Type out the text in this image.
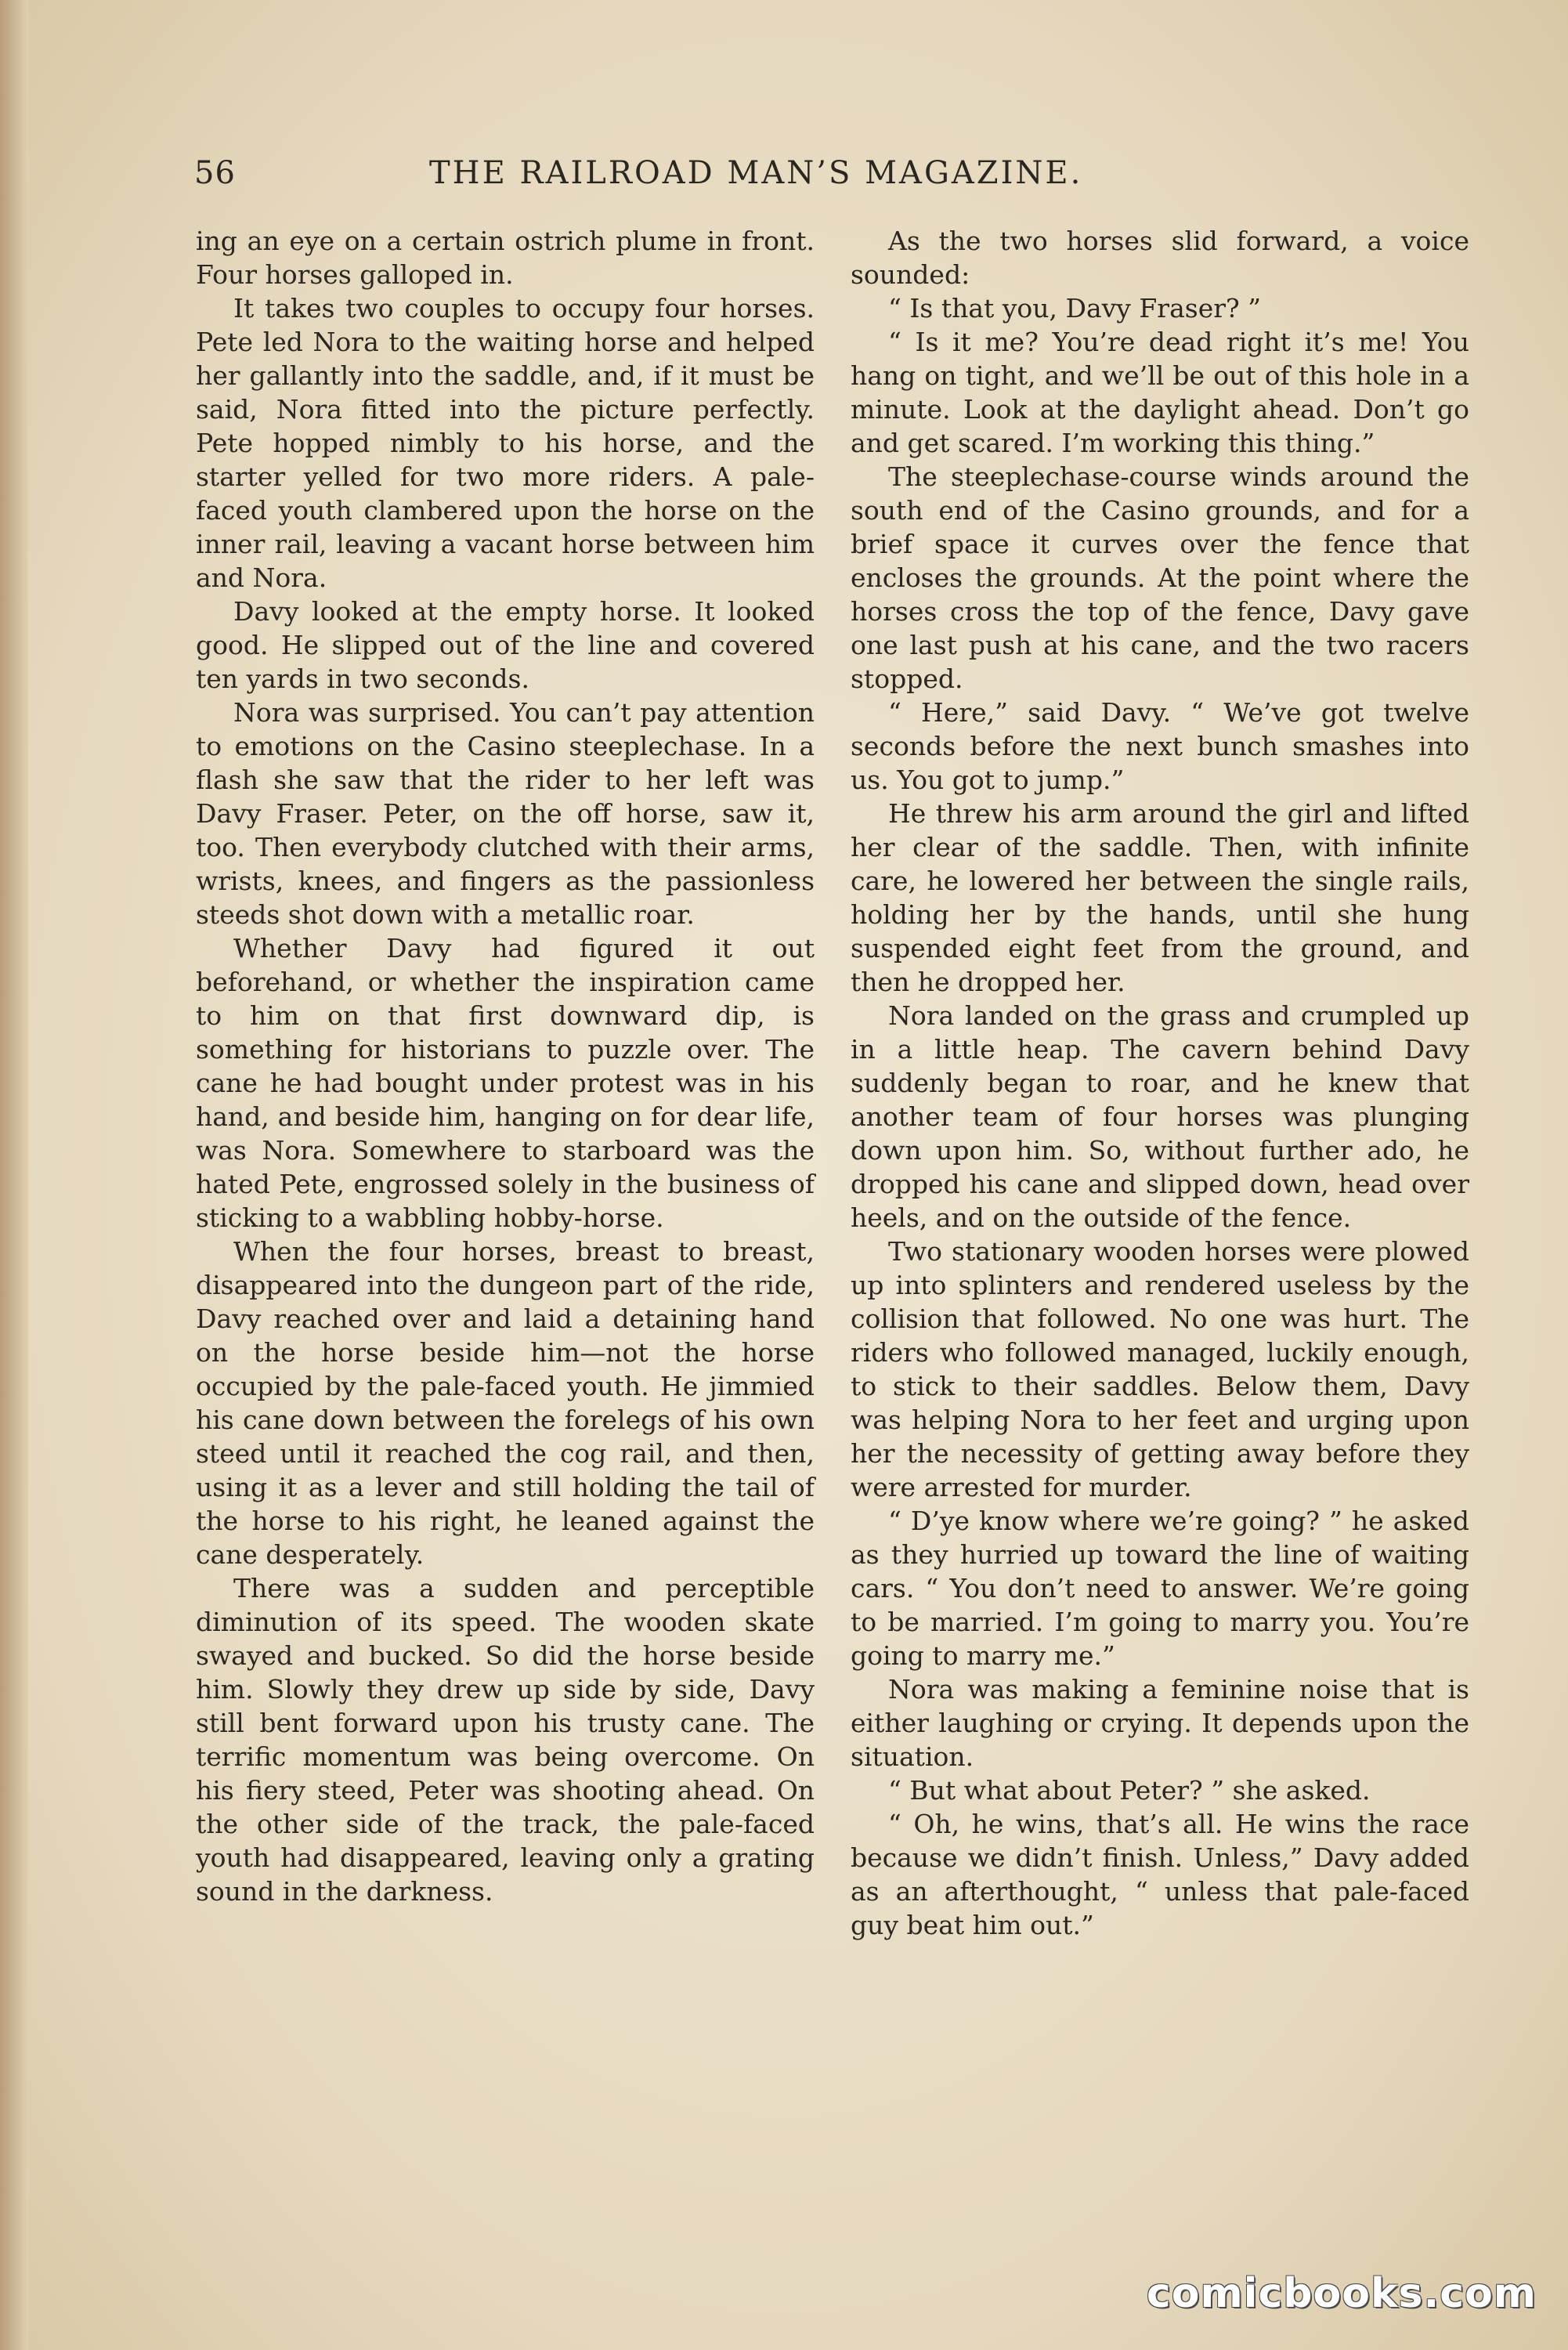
56	THE RAILROAD MAN’S MAGAZINE.

ing an eye on a certain ostrich plume in front. Four horses galloped in.

It takes two couples to occupy four horses. Pete led Nora to the waiting horse and helped her gallantly into the saddle, and, if it must be said, Nora fitted into the picture perfectly. Pete hopped nimbly to his horse, and the starter yelled for two more riders. A pale-faced youth clambered upon the horse on the inner rail, leaving a vacant horse between him and Nora.

Davy looked at the empty horse. It looked good. He slipped out of the line and covered ten yards in two seconds.

Nora was surprised. You can’t pay attention to emotions on the Casino steeplechase. In a flash she saw that the rider to her left was Davy Fraser. Peter, on the off horse, saw it, too. Then everybody clutched with their arms, wrists, knees, and fingers as the passionless steeds shot down with a metallic roar.

Whether Davy had figured it out beforehand, or whether the inspiration came to him on that first downward dip, is something for historians to puzzle over. The cane he had bought under protest was in his hand, and beside him, hanging on for dear life, was Nora. Somewhere to starboard was the hated Pete, engrossed solely in the business of sticking to a wabbling hobby-horse.

When the four horses, breast to breast, disappeared into the dungeon part of the ride, Davy reached over and laid a detaining hand on the horse beside him—not the horse occupied by the pale-faced youth. He jimmied his cane down between the forelegs of his own steed until it reached the cog rail, and then, using it as a lever and still holding the tail of the horse to his right, he leaned against the cane desperately.

There was a sudden and perceptible diminution of its speed. The wooden skate swayed and bucked. So did the horse beside him. Slowly they drew up side by side, Davy still bent forward upon his trusty cane. The terrific momentum was being overcome. On his fiery steed, Peter was shooting ahead. On the other side of the track, the pale-faced youth had disappeared, leaving only a grating sound in the darkness.

As the two horses slid forward, a voice sounded:

“ Is that you, Davy Fraser? ”

“ Is it me? You’re dead right it’s me! You hang on tight, and we’ll be out of this hole in a minute. Look at the daylight ahead. Don’t go and get scared. I’m working this thing.”

The steeplechase-course winds around the south end of the Casino grounds, and for a brief space it curves over the fence that encloses the grounds. At the point where the horses cross the top of the fence, Davy gave one last push at his cane, and the two racers stopped.

“ Here,” said Davy. “ We’ve got twelve seconds before the next bunch smashes into us. You got to jump.”

He threw his arm around the girl and lifted her clear of the saddle. Then, with infinite care, he lowered her between the single rails, holding her by the hands, until she hung suspended eight feet from the ground, and then he dropped her.

Nora landed on the grass and crumpled up in a little heap. The cavern behind Davy suddenly began to roar, and he knew that another team of four horses was plunging down upon him. So, without further ado, he dropped his cane and slipped down, head over heels, and on the outside of the fence.

Two stationary wooden horses were plowed up into splinters and rendered useless by the collision that followed. No one was hurt. The riders who followed managed, luckily enough, to stick to their saddles. Below them, Davy was helping Nora to her feet and urging upon her the necessity of getting away before they were arrested for murder.

“ D’ye know where we’re going? ” he asked as they hurried up toward the line of waiting cars. “ You don’t need to answer. We’re going to be married. I’m going to marry you. You’re going to marry me.”

Nora was making a feminine noise that is either laughing or crying. It depends upon the situation.

“ But what about Peter? ” she asked.

“ Oh, he wins, that’s all. He wins the race because we didn’t finish. Unless,” Davy added as an afterthought, “ unless that pale-faced guy beat him out.”

comicbooks.com
